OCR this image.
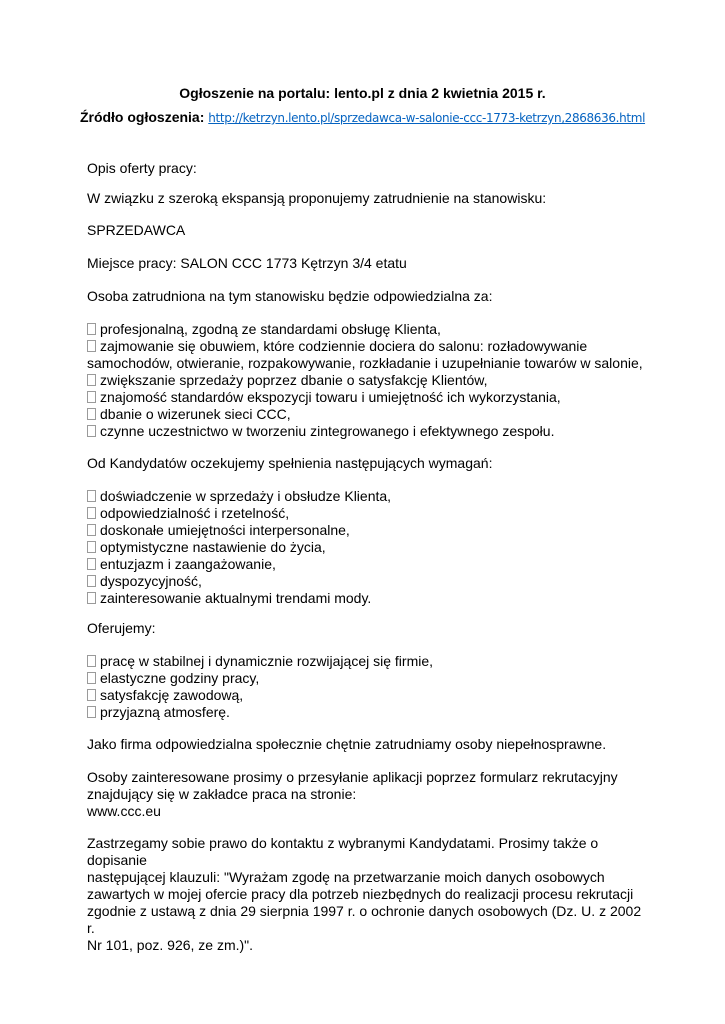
Ogłoszenie na portalu: lento.pl z dnia 2 kwietnia 2015 r.
Źródło ogłoszenia: http://ketrzyn.lento.pl/sprzedawca-w-salonie-ccc-1773-ketrzyn,2868636.html
Opis oferty pracy:
W związku z szeroką ekspansją proponujemy zatrudnienie na stanowisku:
SPRZEDAWCA
Miejsce pracy: SALON CCC 1773 Kętrzyn 3/4 etatu
Osoba zatrudniona na tym stanowisku będzie odpowiedzialna za:
profesjonalną, zgodną ze standardami obsługę Klienta,
zajmowanie się obuwiem, które codziennie dociera do salonu: rozładowywanie samochodów, otwieranie, rozpakowywanie, rozkładanie i uzupełnianie towarów w salonie,
zwiększanie sprzedaży poprzez dbanie o satysfakcję Klientów,
znajomość standardów ekspozycji towaru i umiejętność ich wykorzystania,
dbanie o wizerunek sieci CCC,
czynne uczestnictwo w tworzeniu zintegrowanego i efektywnego zespołu.
Od Kandydatów oczekujemy spełnienia następujących wymagań:
doświadczenie w sprzedaży i obsłudze Klienta,
odpowiedzialność i rzetelność,
doskonałe umiejętności interpersonalne,
optymistyczne nastawienie do życia,
entuzjazm i zaangażowanie,
dyspozycyjność,
zainteresowanie aktualnymi trendami mody.
Oferujemy:
pracę w stabilnej i dynamicznie rozwijającej się firmie,
elastyczne godziny pracy,
satysfakcję zawodową,
przyjazną atmosferę.
Jako firma odpowiedzialna społecznie chętnie zatrudniamy osoby niepełnosprawne.
Osoby zainteresowane prosimy o przesyłanie aplikacji poprzez formularz rekrutacyjny
znajdujący się w zakładce praca na stronie:
www.ccc.eu
Zastrzegamy sobie prawo do kontaktu z wybranymi Kandydatami. Prosimy także o dopisanie
następującej klauzuli: "Wyrażam zgodę na przetwarzanie moich danych osobowych
zawartych w mojej ofercie pracy dla potrzeb niezbędnych do realizacji procesu rekrutacji
zgodnie z ustawą z dnia 29 sierpnia 1997 r. o ochronie danych osobowych (Dz. U. z 2002 r.
Nr 101, poz. 926, ze zm.)".
